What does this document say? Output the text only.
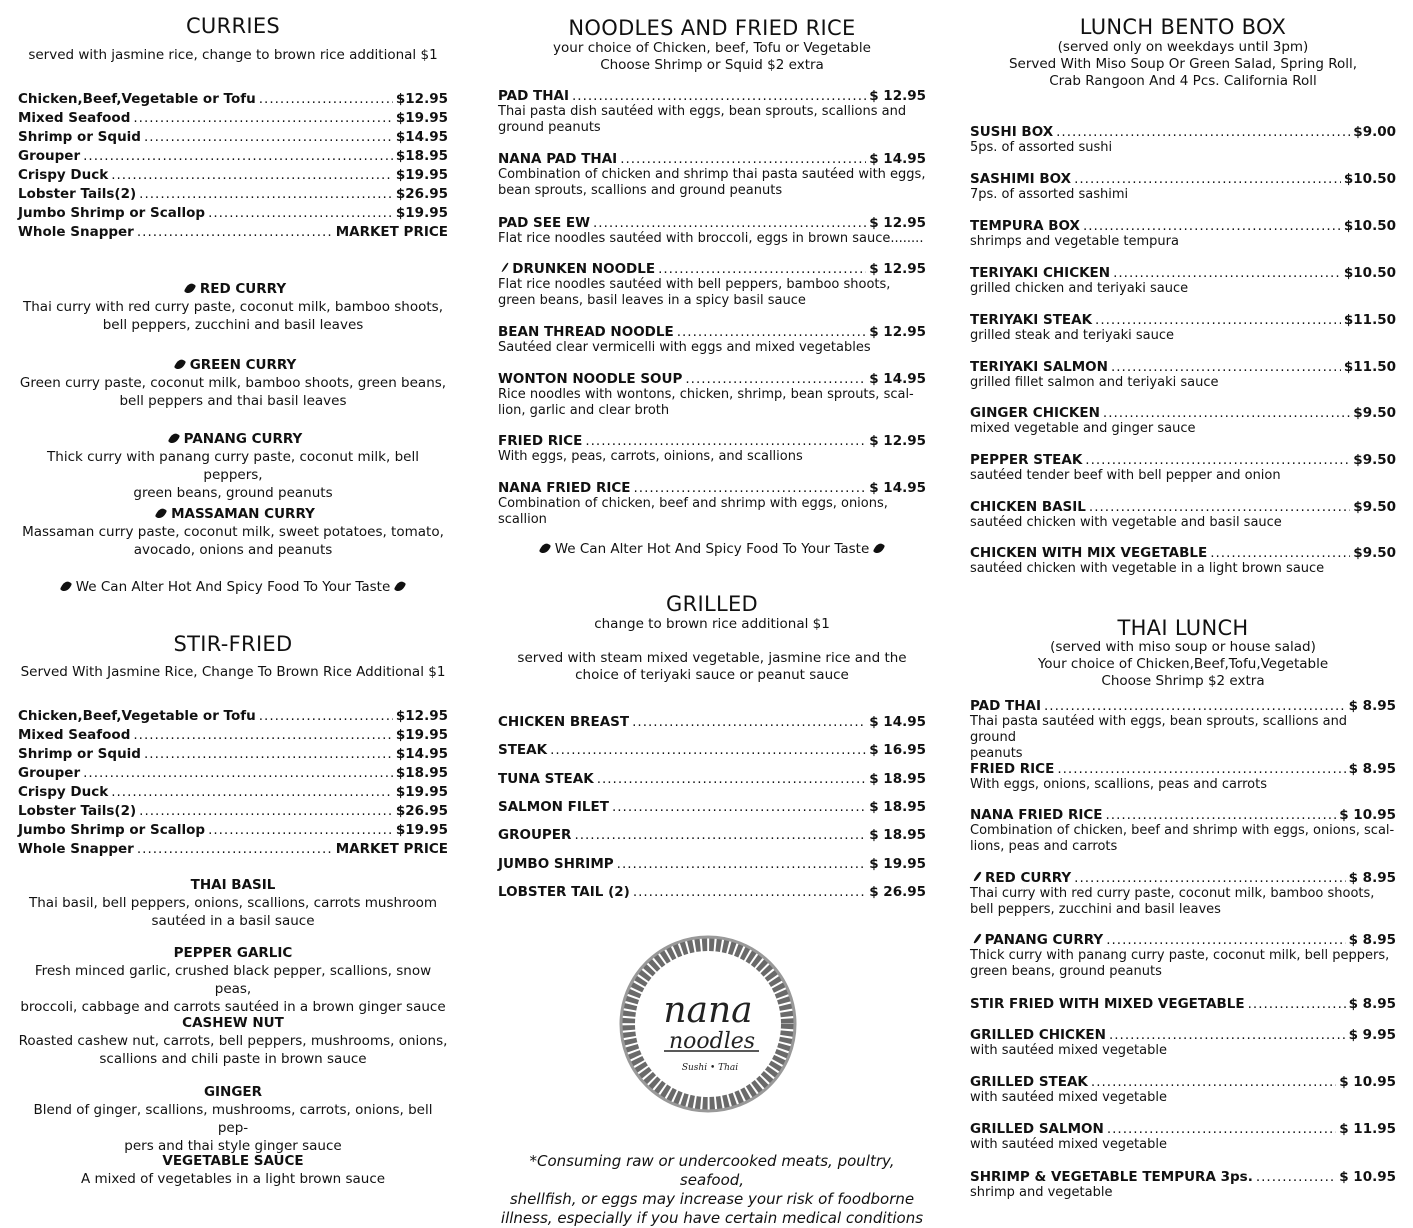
CURRIES
served with jasmine rice, change to brown rice additional $1
Chicken,Beef,Vegetable or Tofu .....	$12.95
Mixed Seafood .....	$19.95
Shrimp or Squid .....	$14.95
Grouper .....	$18.95
Crispy Duck .....	$19.95
Lobster Tails(2) .....	$26.95
Jumbo Shrimp or Scallop .....	$19.95
Whole Snapper .....	MARKET PRICE
RED CURRY
Thai curry with red curry paste, coconut milk, bamboo shoots,
bell peppers, zucchini and basil leaves
GREEN CURRY
Green curry paste, coconut milk, bamboo shoots, green beans,
bell peppers and thai basil leaves
PANANG CURRY
Thick curry with panang curry paste, coconut milk, bell peppers,
green beans, ground peanuts
MASSAMAN CURRY
Massaman curry paste, coconut milk, sweet potatoes, tomato,
avocado, onions and peanuts
We Can Alter Hot And Spicy Food To Your Taste
STIR-FRIED
Served With Jasmine Rice, Change To Brown Rice Additional $1
Chicken,Beef,Vegetable or Tofu .....	$12.95
Mixed Seafood .....	$19.95
Shrimp or Squid .....	$14.95
Grouper .....	$18.95
Crispy Duck .....	$19.95
Lobster Tails(2) .....	$26.95
Jumbo Shrimp or Scallop .....	$19.95
Whole Snapper .....	MARKET PRICE
THAI BASIL
Thai basil, bell peppers, onions, scallions, carrots mushroom
sautéed in a basil sauce
PEPPER GARLIC
Fresh minced garlic, crushed black pepper, scallions, snow peas,
broccoli, cabbage and carrots sautéed in a brown ginger sauce
CASHEW NUT
Roasted cashew nut, carrots, bell peppers, mushrooms, onions,
scallions and chili paste in brown sauce
GINGER
Blend of ginger, scallions, mushrooms, carrots, onions, bell pep-
pers and thai style ginger sauce
VEGETABLE SAUCE
A mixed of vegetables in a light brown sauce
NOODLES AND FRIED RICE
your choice of Chicken, beef, Tofu or Vegetable
Choose Shrimp or Squid $2 extra
PAD THAI .....	$ 12.95
Thai pasta dish sautéed with eggs, bean sprouts, scallions and
ground peanuts
NANA PAD THAI .....	$ 14.95
Combination of chicken and shrimp thai pasta sautéed with eggs,
bean sprouts, scallions and ground peanuts
PAD SEE EW .....	$ 12.95
Flat rice noodles sautéed with broccoli, eggs in brown sauce........
DRUNKEN NOODLE .....	$ 12.95
Flat rice noodles sautéed with bell peppers, bamboo shoots,
green beans, basil leaves in a spicy basil sauce
BEAN THREAD NOODLE .....	$ 12.95
Sautéed clear vermicelli with eggs and mixed vegetables
WONTON NOODLE SOUP .....	$ 14.95
Rice noodles with wontons, chicken, shrimp, bean sprouts, scal-
lion, garlic and clear broth
FRIED RICE .....	$ 12.95
With eggs, peas, carrots, oinions, and scallions
NANA FRIED RICE .....	$ 14.95
Combination of chicken, beef and shrimp with eggs, onions, scallion
We Can Alter Hot And Spicy Food To Your Taste
GRILLED
change to brown rice additional $1
served with steam mixed vegetable, jasmine rice and the
choice of teriyaki sauce or peanut sauce
CHICKEN BREAST .....	$ 14.95
STEAK .....	$ 16.95
TUNA STEAK .....	$ 18.95
SALMON FILET .....	$ 18.95
GROUPER .....	$ 18.95
JUMBO SHRIMP .....	$ 19.95
LOBSTER TAIL (2) .....	$ 26.95
nana
noodles
Sushi • Thai
*Consuming raw or undercooked meats, poultry, seafood,
shellfish, or eggs may increase your risk of foodborne
illness, especially if you have certain medical conditions
LUNCH BENTO BOX
(served only on weekdays until 3pm)
Served With Miso Soup Or Green Salad, Spring Roll,
Crab Rangoon And 4 Pcs. California Roll
SUSHI BOX .....	$9.00
5ps. of assorted sushi
SASHIMI BOX .....	$10.50
7ps. of assorted sashimi
TEMPURA BOX .....	$10.50
shrimps and vegetable tempura
TERIYAKI CHICKEN .....	$10.50
grilled chicken and teriyaki sauce
TERIYAKI STEAK .....	$11.50
grilled steak and teriyaki sauce
TERIYAKI SALMON .....	$11.50
grilled fillet salmon and teriyaki sauce
GINGER CHICKEN .....	$9.50
mixed vegetable and ginger sauce
PEPPER STEAK .....	$9.50
sautéed tender beef with bell pepper and onion
CHICKEN BASIL .....	$9.50
sautéed chicken with vegetable and basil sauce
CHICKEN WITH MIX VEGETABLE .....	$9.50
sautéed chicken with vegetable in a light brown sauce
THAI LUNCH
(served with miso soup or house salad)
Your choice of Chicken,Beef,Tofu,Vegetable
Choose Shrimp $2 extra
PAD THAI .....	$ 8.95
Thai pasta sautéed with eggs, bean sprouts, scallions and ground
peanuts
FRIED RICE .....	$ 8.95
With eggs, onions, scallions, peas and carrots
NANA FRIED RICE .....	$ 10.95
Combination of chicken, beef and shrimp with eggs, onions, scal-
lions, peas and carrots
RED CURRY .....	$ 8.95
Thai curry with red curry paste, coconut milk, bamboo shoots,
bell peppers, zucchini and basil leaves
PANANG CURRY .....	$ 8.95
Thick curry with panang curry paste, coconut milk, bell peppers,
green beans, ground peanuts
STIR FRIED WITH MIXED VEGETABLE .....	$ 8.95
GRILLED CHICKEN .....	$ 9.95
with sautéed mixed vegetable
GRILLED STEAK .....	$ 10.95
with sautéed mixed vegetable
GRILLED SALMON .....	$ 11.95
with sautéed mixed vegetable
SHRIMP & VEGETABLE TEMPURA 3ps. .....	$ 10.95
shrimp and vegetable
